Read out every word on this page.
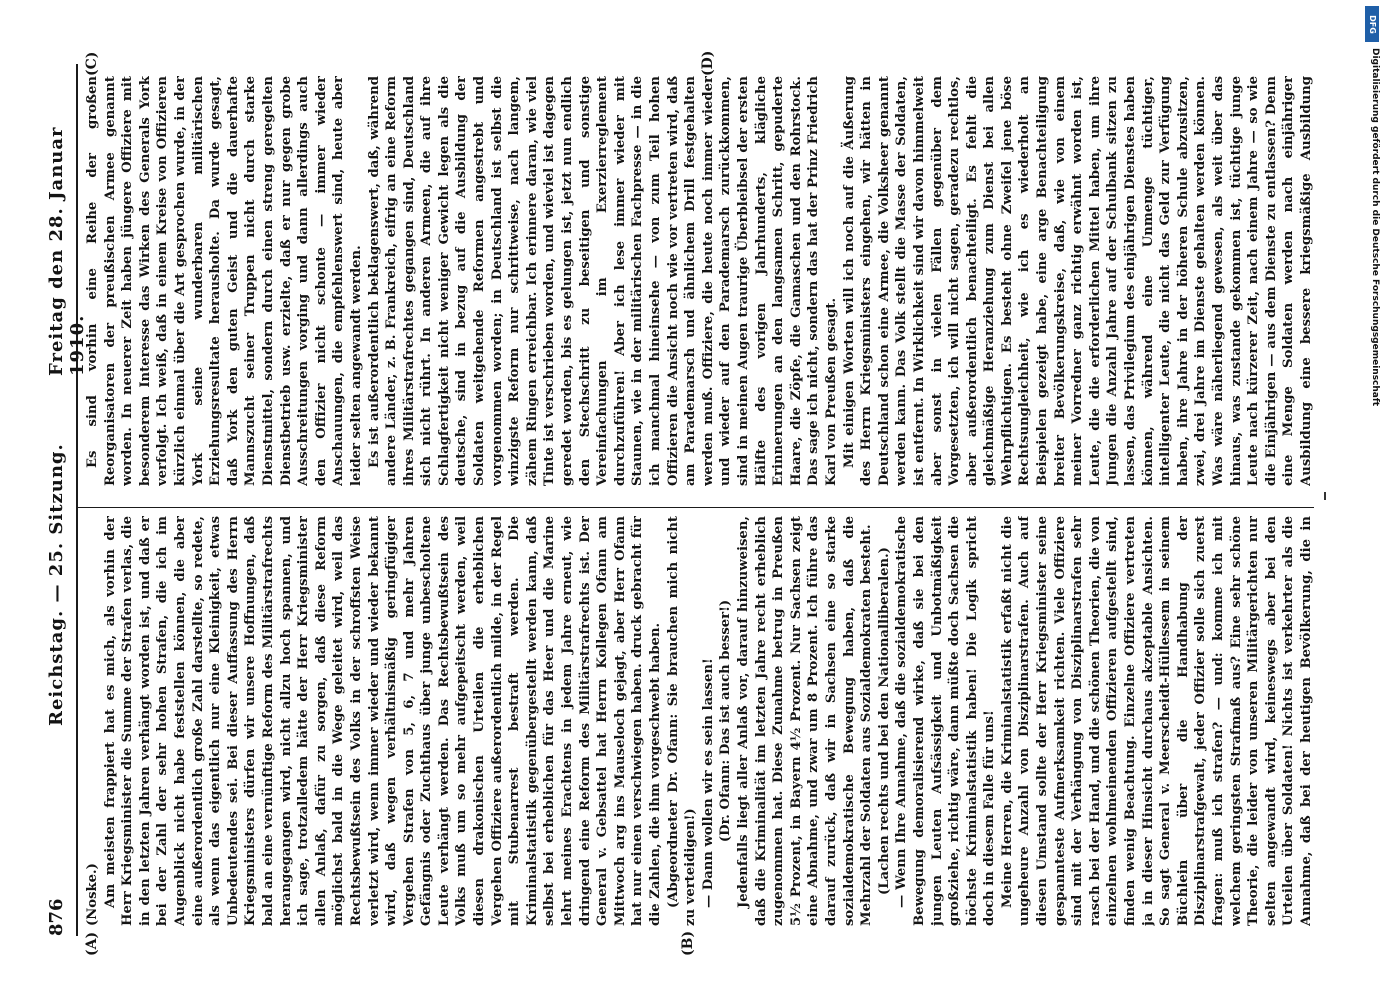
876
Reichstag. — 25. Sitzung.
Freitag den 28. Januar 1910.
(A)	(B)
(C)	(D)

(Noske.) Am meisten frappiert hat es mich, als vorhin der Herr Kriegsminister die Summe der Strafen verlas, die in den letzten Jahren verhängt worden ist, und daß er bei der Zahl der sehr hohen Strafen, die ich im Augenblick nicht habe feststellen können, die aber eine außerordentlich große Zahl darstellte, so redete, als wenn das eigentlich nur eine Kleinigkeit, etwas Unbedeutendes sei. Bei dieser Auffassung des Herrn Kriegsministers dürfen wir unsere Hoffnungen, daß bald an eine vernünftige Reform des Militärstrafrechts herangegangen wird, nicht allzu hoch spannen, und ich sage, trotzalledem hätte der Herr Kriegsminister allen Anlaß, dafür zu sorgen, daß diese Reform möglichst bald in die Wege geleitet wird, weil das Rechtsbewußtsein des Volks in der schroffsten Weise verletzt wird, wenn immer wieder und wieder bekannt wird, daß wegen verhältnismäßig geringfügiger Vergehen Strafen von 5, 6, 7 und mehr Jahren Gefängnis oder Zuchthaus über junge unbescholtene Leute verhängt werden. Das Rechtsbewußtsein des Volks muß um so mehr aufgepeitscht werden, weil diesen drakonischen Urteilen die erheblichen Vergehen Offiziere außerordentlich milde, in der Regel mit Stubenarrest bestraft werden. Die Kriminalstatistik gegenübergestellt werden kann, daß selbst bei erheblichen für das Heer und die Marine lehrt meines Erachtens in jedem Jahre erneut, wie dringend eine Reform des Militärstrafrechts ist. Der General v. Gebsattel hat Herrn Kollegen Ofann am Mittwoch arg ins Mauseloch gejagt, aber Herr Ofann hat nur einen verschwiegen haben. druck gebracht für die Zahlen, die ihm vorgeschwebt haben. (Abgeordneter Dr. Ofann: Sie brauchen mich nicht zu verteidigen!) — Dann wollen wir es sein lassen! (Dr. Ofann: Das ist auch besser!) Jedenfalls liegt aller Anlaß vor, darauf hinzuweisen, daß die Kriminalität im letzten Jahre recht erheblich zugenommen hat. Diese Zunahme betrug in Preußen 5½ Prozent, in Bayern 4½ Prozent. Nur Sachsen zeigt eine Abnahme, und zwar um 8 Prozent. Ich führe das darauf zurück, daß wir in Sachsen eine so starke sozialdemokratische Bewegung haben, daß die Mehrzahl der Soldaten aus Sozialdemokraten besteht. (Lachen rechts und bei den Nationalliberalen.) — Wenn Ihre Annahme, daß die sozialdemokratische Bewegung demoralisierend wirke, daß sie bei den jungen Leuten Aufsässigkeit und Unbotmäßigkeit großziehe, richtig wäre, dann müßte doch Sachsen die höchste Kriminalstatistik haben! Die Logik spricht doch in diesem Falle für uns! Meine Herren, die Kriminalstatistik erfaßt nicht die ungeheure Anzahl von Disziplinarstrafen. Auch auf diesen Umstand sollte der Herr Kriegsminister seine gespannteste Aufmerksamkeit richten. Viele Offiziere sind mit der Verhängung von Disziplinarstrafen sehr rasch bei der Hand, und die schönen Theorien, die von einzelnen wohlmeinenden Offizieren aufgestellt sind, finden wenig Beachtung. Einzelne Offiziere vertreten ja in dieser Hinsicht durchaus akzeptable Ansichten. So sagt General v. Meerscheidt-Hüllessem in seinem Büchlein über die Handhabung der Disziplinarstrafgewalt, jeder Offizier solle sich zuerst fragen: muß ich strafen? — und: komme ich mit welchem geringsten Strafmaß aus? Eine sehr schöne Theorie, die leider von unseren Militärgerichten nur selten angewandt wird, keineswegs aber bei den Urteilen über Soldaten! Nichts ist verkehrter als die Annahme, daß bei der heutigen Bevölkerung, die in

Es sind vorhin eine Reihe der großen Reorganisatoren der preußischen Armee genannt worden. In neuerer Zeit haben jüngere Offiziere mit besonderem Interesse das Wirken des Generals York verfolgt. Ich weiß, daß in einem Kreise von Offizieren kürzlich einmal über die Art gesprochen wurde, in der York seine wunderbaren militärischen Erziehungsresultate herausholte. Da wurde gesagt, daß York den guten Geist und die dauerhafte Mannszucht seiner Truppen nicht durch starke Dienstmittel, sondern durch einen streng geregelten Dienstbetrieb usw. erzielte, daß er nur gegen grobe Ausschreitungen vorging und dann allerdings auch den Offizier nicht schonte — immer wieder Anschauungen, die empfehlenswert sind, heute aber leider selten angewandt werden. Es ist außerordentlich beklagenswert, daß, während andere Länder, z. B. Frankreich, eifrig an eine Reform ihres Militärstrafrechtes gegangen sind, Deutschland sich nicht rührt. In anderen Armeen, die auf ihre Schlagfertigkeit nicht weniger Gewicht legen als die deutsche, sind in bezug auf die Ausbildung der Soldaten weitgehende Reformen angestrebt und vorgenommen worden; in Deutschland ist selbst die winzigste Reform nur schrittweise, nach langem, zähem Ringen erreichbar. Ich erinnere daran, wie viel Tinte ist verschrieben worden, und wieviel ist dagegen geredet worden, bis es gelungen ist, jetzt nun endlich den Stechschritt zu beseitigen und sonstige Vereinfachungen im Exerzierreglement durchzuführen! Aber ich lese immer wieder mit Staunen, wie in der militärischen Fachpresse — in die ich manchmal hineinsehe — von zum Teil hohen Offizieren die Ansicht noch wie vor vertreten wird, daß am Parademarsch und ähnlichem Drill festgehalten werden muß. Offiziere, die heute noch immer wieder und wieder auf den Parademarsch zurückkommen, sind in meinen Augen traurige Überbleibsel der ersten Hälfte des vorigen Jahrhunderts, klägliche Erinnerungen an den langsamen Schritt, gepuderte Haare, die Zöpfe, die Gamaschen und den Rohrstock. Das sage ich nicht, sondern das hat der Prinz Friedrich Karl von Preußen gesagt. Mit einigen Worten will ich noch auf die Äußerung des Herrn Kriegsministers eingehen, wir hätten in Deutschland schon eine Armee, die Volksheer genannt werden kann. Das Volk stellt die Masse der Soldaten, ist entfernt. In Wirklichkeit sind wir davon himmelweit aber sonst in vielen Fällen gegenüber dem Vorgesetzten, ich will nicht sagen, geradezu rechtlos, aber außerordentlich benachteiligt. Es fehlt die gleichmäßige Heranziehung zum Dienst bei allen Wehrpflichtigen. Es besteht ohne Zweifel jene böse Rechtsungleichheit, wie ich es wiederholt an Beispielen gezeigt habe, eine arge Benachteiligung breiter Bevölkerungskreise, daß, wie von einem meiner Vorredner ganz richtig erwähnt worden ist, Leute, die die erforderlichen Mittel haben, um ihre Jungen die Anzahl Jahre auf der Schulbank sitzen zu lassen, das Privilegium des einjährigen Dienstes haben können, während eine Unmenge tüchtiger, intelligenter Leute, die nicht das Geld zur Verfügung haben, ihre Jahre in der höheren Schule abzusitzen, zwei, drei Jahre im Dienste gehalten werden können. Was wäre näherliegend gewesen, als weit über das hinaus, was zustande gekommen ist, tüchtige junge Leute nach kürzerer Zeit, nach einem Jahre — so wie die Einjährigen — aus dem Dienste zu entlassen? Denn eine Menge Soldaten werden nach einjähriger Ausbildung eine bessere kriegsmäßige Ausbildung

DFG
Digitalisierung gefördert durch die Deutsche Forschungsgemeinschaft
